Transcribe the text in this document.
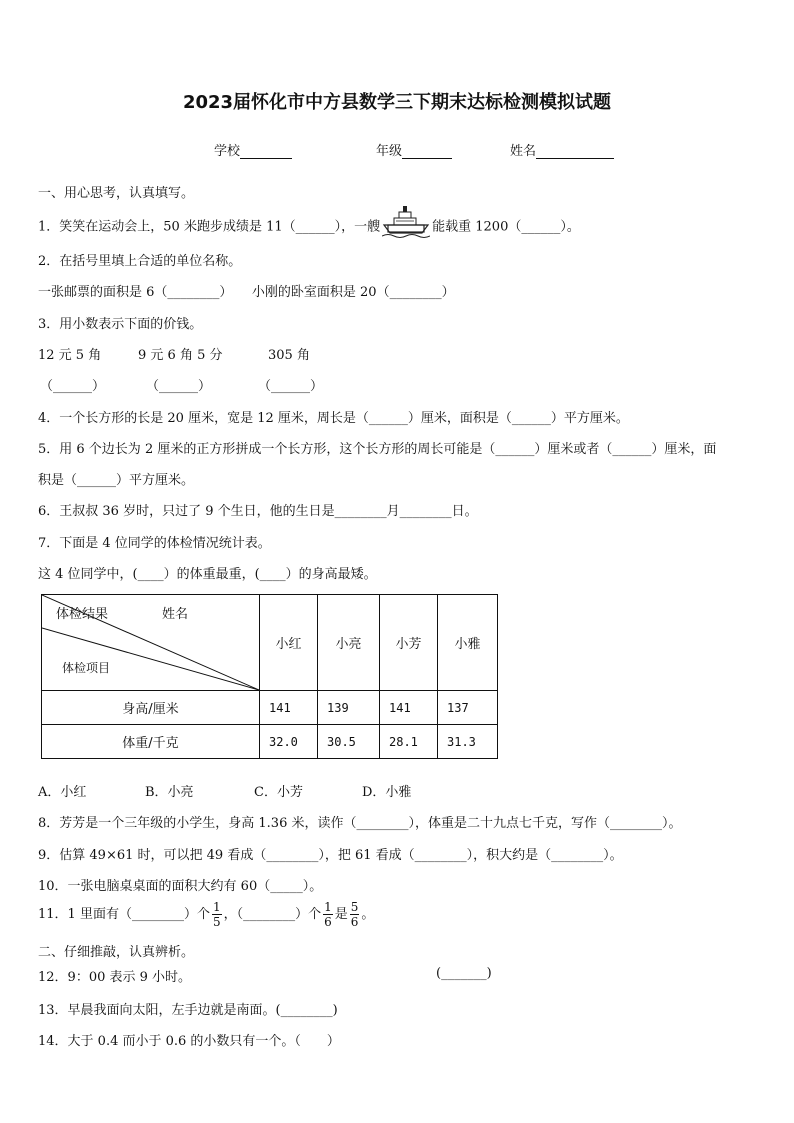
2023届怀化市中方县数学三下期末达标检测模拟试题
学校	年级	姓名
一、用心思考，认真填写。
1．笑笑在运动会上，50 米跑步成绩是 11（______），一艘	能载重 1200（______）。
2．在括号里填上合适的单位名称。
一张邮票的面积是 6（________）　　小刚的卧室面积是 20（________）
3．用小数表示下面的价钱。
12 元 5 角	9 元 6 角 5 分	305 角
（______）	（______）	（______）
4．一个长方形的长是 20 厘米，宽是 12 厘米，周长是（______）厘米，面积是（______）平方厘米。
5．用 6 个边长为 2 厘米的正方形拼成一个长方形，这个长方形的周长可能是（______）厘米或者（______）厘米，面
积是（______）平方厘米。
6．王叔叔 36 岁时，只过了 9 个生日，他的生日是________月________日。
7．下面是 4 位同学的体检情况统计表。
这 4 位同学中，(____）的体重最重，(____）的身高最矮。
体检结果 姓名
体检项目	小红	小亮	小芳	小雅
身高/厘米	141	139	141	137
体重/千克	32.0	30.5	28.1	31.3
A．小红	B．小亮	C．小芳	D．小雅
8．芳芳是一个三年级的小学生，身高 1.36 米，读作（________），体重是二十九点七千克，写作（________）。
9．估算 49×61 时，可以把 49 看成（________），把 61 看成（________），积大约是（________）。
10．一张电脑桌桌面的面积大约有 60（_____）。
11．1 里面有（________）个 $\frac{1}{5}$ ，（________）个 $\frac{1}{6}$ 是 $\frac{5}{6}$ 。
二、仔细推敲，认真辨析。
12．9：00 表示 9 小时。	(_______)
13．早晨我面向太阳，左手边就是南面。(________)
14．大于 0.4 而小于 0.6 的小数只有一个。（　　）
